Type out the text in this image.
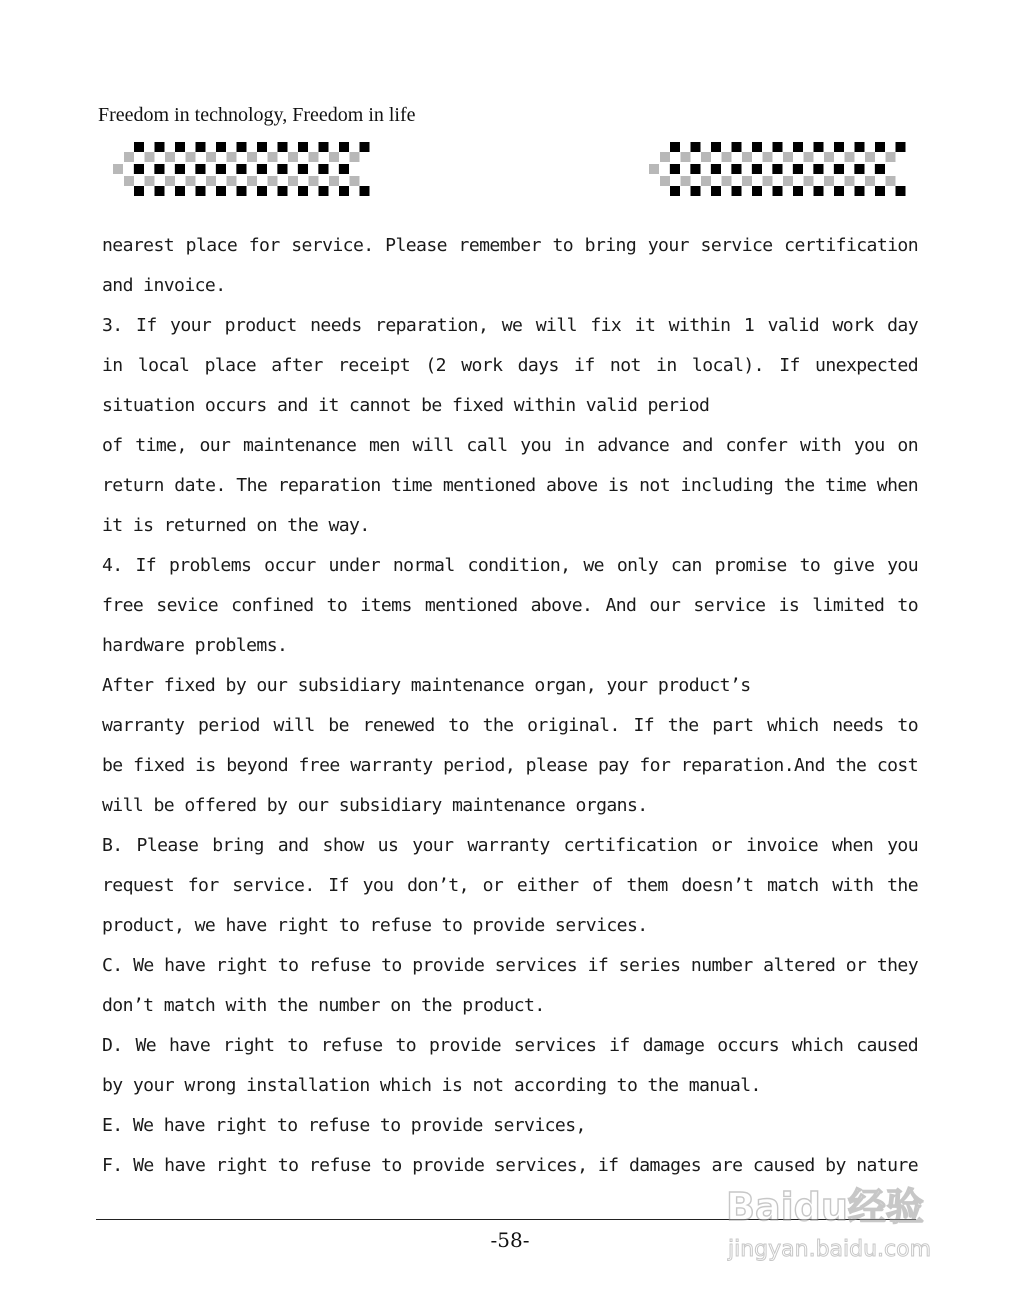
Freedom in technology, Freedom in life
nearest place for service. Please remember to bring your service certification
and invoice.
3. If your product needs reparation, we will fix it within 1 valid work day
in local place after receipt (2 work days if not in local). If unexpected
situation occurs and it cannot be fixed within valid period
of time, our maintenance men will call you in advance and confer with you on
return date. The reparation time mentioned above is not including the time when
it is returned on the way.
4. If problems occur under normal condition, we only can promise to give you
free sevice confined to items mentioned above. And our service is limited to
hardware problems.
After fixed by our subsidiary maintenance organ, your product’s
warranty period will be renewed to the original. If the part which needs to
be fixed is beyond free warranty period, please pay for reparation.And the cost
will be offered by our subsidiary maintenance organs.
B. Please bring and show us your warranty certification or invoice when you
request for service. If you don’t, or either of them doesn’t match with the
product, we have right to refuse to provide services.
C. We have right to refuse to provide services if series number altered or they
don’t match with the number on the product.
D. We have right to refuse to provide services if damage occurs which caused
by your wrong installation which is not according to the manual.
E. We have right to refuse to provide services,
F. We have right to refuse to provide services, if damages are caused by nature
-58-
Baidu经验
jingyan.baidu.com
